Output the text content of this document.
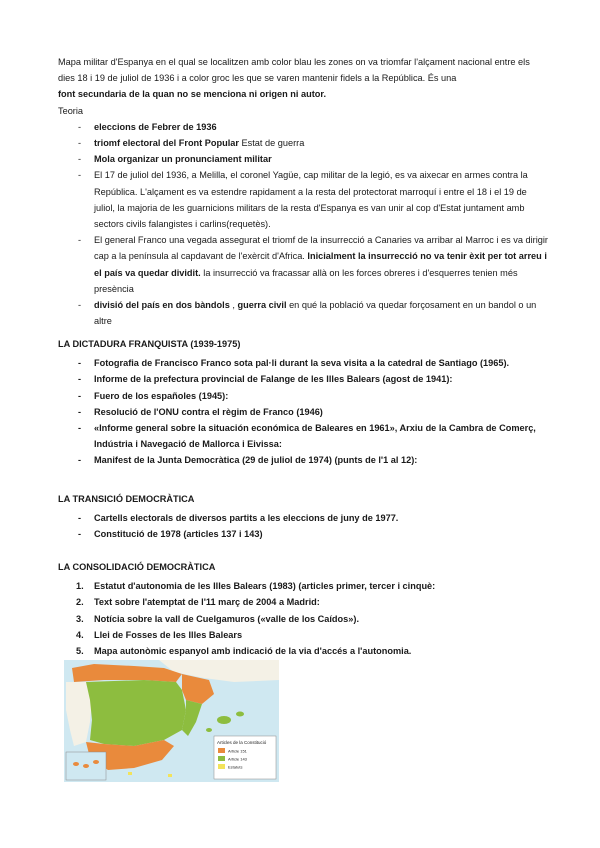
Mapa militar d'Espanya en el qual se localitzen amb color blau les zones on va triomfar l'alçament nacional entre els dies 18 i 19 de juliol de 1936 i a color groc les que se varen mantenir fidels a la República. És una

font secundaria de la quan no se menciona ni origen ni autor.

Teoria

- eleccions de Febrer de 1936
- triomf electoral del Front Popular Estat de guerra
- Mola organizar un pronunciament militar
- El 17 de juliol del 1936, a Melilla, el coronel Yagüe, cap militar de la legió, es va aixecar en armes contra la República. L'alçament es va estendre rapidament a la resta del protectorat marroquí i entre el 18 i el 19 de juliol, la majoria de les guarnicions militars de la resta d'Espanya es van unir al cop d'Estat juntament amb sectors civils falangistes i carlins(requetès).
- El general Franco una vegada assegurat el triomf de la insurrecció a Canaries va arribar al Marroc i es va dirigir cap a la península al capdavant de l'exèrcit d'Africa. Inicialment la insurrecció no va tenir èxit per tot arreu i el país va quedar dividit. la insurrecció va fracassar allà on les forces obreres i d'esquerres tenien més presència
- divisió del país en dos bàndols , guerra civil en qué la població va quedar forçosament en un bandol o un altre
LA DICTADURA FRANQUISTA (1939-1975)
- Fotografia de Francisco Franco sota pal·li durant la seva visita a la catedral de Santiago (1965).
- Informe de la prefectura provincial de Falange de les Illes Balears (agost de 1941):
- Fuero de los españoles (1945):
- Resolució de l'ONU contra el règim de Franco (1946)
- «Informe general sobre la situación económica de Baleares en 1961», Arxiu de la Cambra de Comerç, Indústria i Navegació de Mallorca i Eivissa:
- Manifest de la Junta Democràtica (29 de juliol de 1974) (punts de l'1 al 12):
LA TRANSICIÓ DEMOCRÀTICA
- Cartells electorals de diversos partits a les eleccions de juny de 1977.
- Constitució de 1978 (articles 137 i 143)
LA CONSOLIDACIÓ DEMOCRÀTICA
1. Estatut d'autonomia de les Illes Balears (1983) (articles primer, tercer i cinquè:
2. Text sobre l'atemptat de l'11 març de 2004 a Madrid:
3. Notícia sobre la vall de Cuelgamuros («valle de los Caídos»).
4. Llei de Fosses de les Illes Balears
5. Mapa autonòmic espanyol amb indicació de la via d'accés a l'autonomia.
Articles de la Constitució
Article 151
Article 143
Estatuts
